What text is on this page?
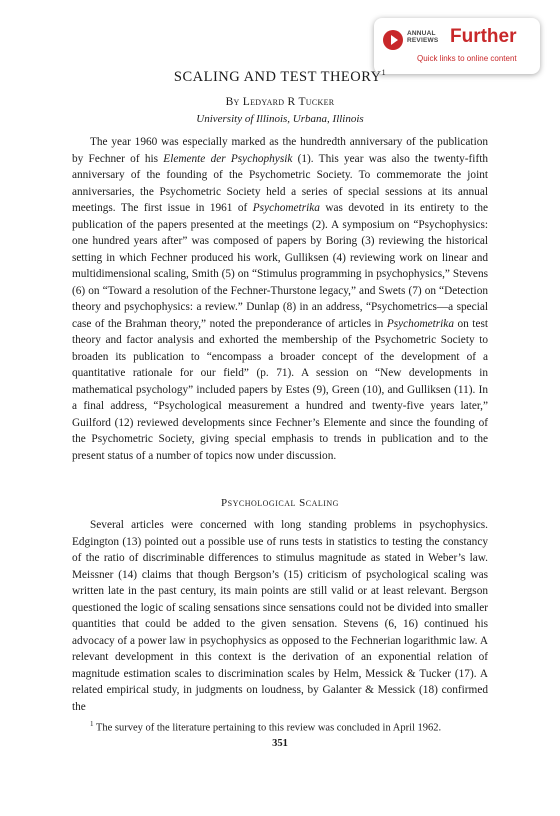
ANNUAL
REVIEWS Further
Quick links to online content
SCALING AND TEST THEORY$^1$
By Ledyard R Tucker
University of Illinois, Urbana, Illinois

The year 1960 was especially marked as the hundredth anniversary of the publication by Fechner of his Elemente der Psychophysik (1). This year was also the twenty-fifth anniversary of the founding of the Psychometric Society. To commemorate the joint anniversaries, the Psychometric Society held a series of special sessions at its annual meetings. The first issue in 1961 of Psychometrika was devoted in its entirety to the publication of the papers presented at the meetings (2). A symposium on “Psychophysics: one hundred years after” was composed of papers by Boring (3) reviewing the historical setting in which Fechner produced his work, Gulliksen (4) reviewing work on linear and multidimensional scaling, Smith (5) on “Stimulus programming in psychophysics,” Stevens (6) on “Toward a resolution of the Fechner-Thurstone legacy,” and Swets (7) on “Detection theory and psychophysics: a review.” Dunlap (8) in an address, “Psychometrics—a special case of the Brahman theory,” noted the preponderance of articles in Psychometrika on test theory and factor analysis and exhorted the membership of the Psychometric Society to broaden its publication to “encompass a broader concept of the development of a quantitative rationale for our field” (p. 71). A session on “New developments in mathematical psychology” included papers by Estes (9), Green (10), and Gulliksen (11). In a final address, “Psychological measurement a hundred and twenty-five years later,” Guilford (12) reviewed developments since Fechner’s Elemente and since the founding of the Psychometric Society, giving special emphasis to trends in publication and to the present status of a number of topics now under discussion.

Psychological Scaling

Several articles were concerned with long standing problems in psychophysics. Edgington (13) pointed out a possible use of runs tests in statistics to testing the constancy of the ratio of discriminable differences to stimulus magnitude as stated in Weber’s law. Meissner (14) claims that though Bergson’s (15) criticism of psychological scaling was written late in the past century, its main points are still valid or at least relevant. Bergson questioned the logic of scaling sensations since sensations could not be divided into smaller quantities that could be added to the given sensation. Stevens (6, 16) continued his advocacy of a power law in psychophysics as opposed to the Fechnerian logarithmic law. A relevant development in this context is the derivation of an exponential relation of magnitude estimation scales to discrimination scales by Helm, Messick & Tucker (17). A related empirical study, in judgments on loudness, by Galanter & Messick (18) confirmed the

$^1$ The survey of the literature pertaining to this review was concluded in April 1962.
351
